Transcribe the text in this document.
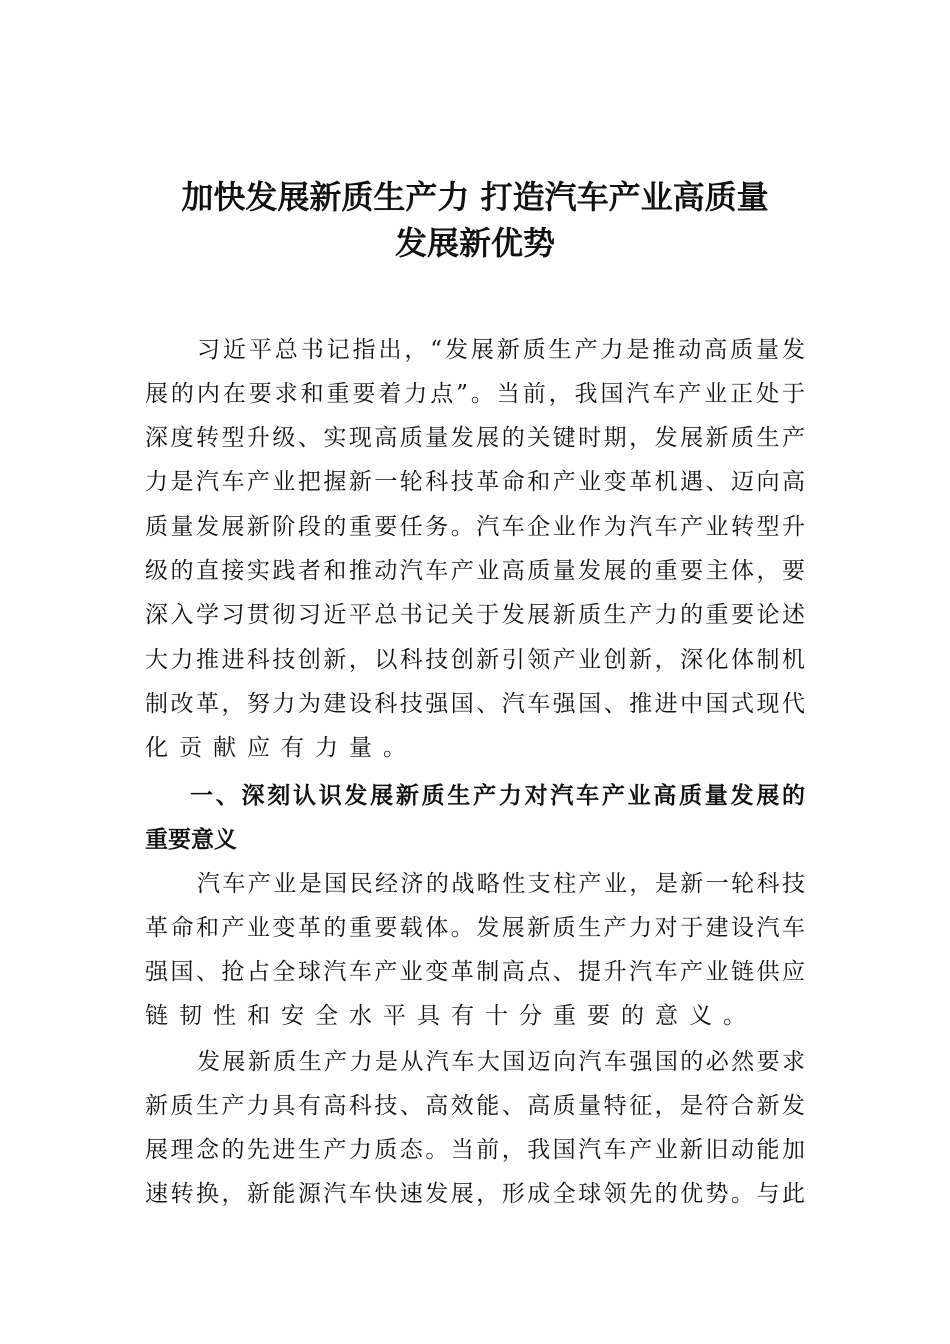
加快发展新质生产力 打造汽车产业高质量
发展新优势
习近平总书记指出，“发展新质生产力是推动高质量发
展的内在要求和重要着力点”。当前，我国汽车产业正处于
深度转型升级、实现高质量发展的关键时期，发展新质生产
力是汽车产业把握新一轮科技革命和产业变革机遇、迈向高
质量发展新阶段的重要任务。汽车企业作为汽车产业转型升
级的直接实践者和推动汽车产业高质量发展的重要主体，要
深入学习贯彻习近平总书记关于发展新质生产力的重要论述
大力推进科技创新，以科技创新引领产业创新，深化体制机
制改革，努力为建设科技强国、汽车强国、推进中国式现代
化贡献应有力量。
一、深刻认识发展新质生产力对汽车产业高质量发展的
重要意义
汽车产业是国民经济的战略性支柱产业，是新一轮科技
革命和产业变革的重要载体。发展新质生产力对于建设汽车
强国、抢占全球汽车产业变革制高点、提升汽车产业链供应
链韧性和安全水平具有十分重要的意义。
发展新质生产力是从汽车大国迈向汽车强国的必然要求
新质生产力具有高科技、高效能、高质量特征，是符合新发
展理念的先进生产力质态。当前，我国汽车产业新旧动能加
速转换，新能源汽车快速发展，形成全球领先的优势。与此
